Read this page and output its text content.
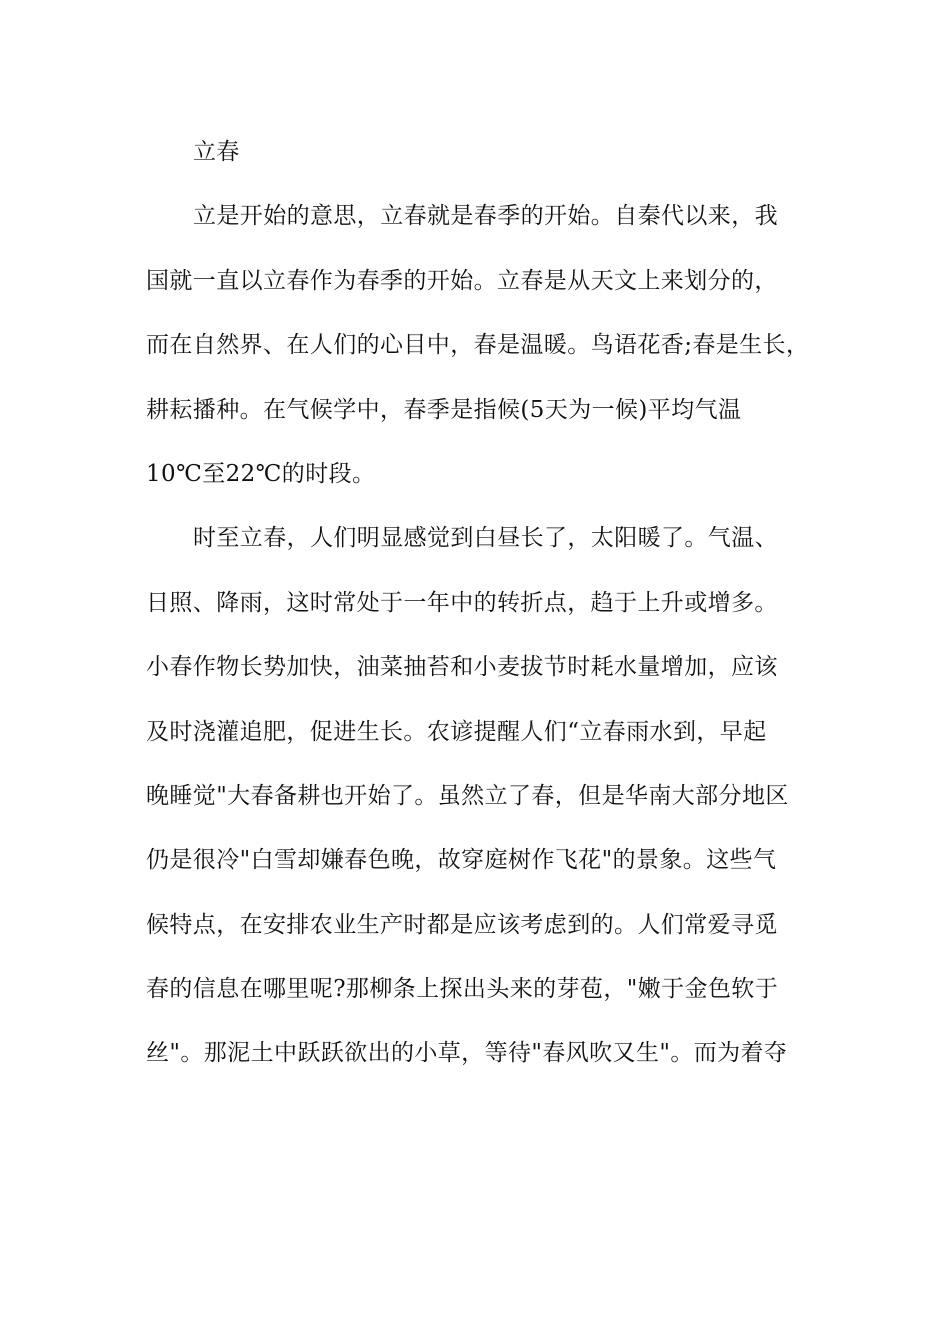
立春
立是开始的意思，立春就是春季的开始。自秦代以来，我
国就一直以立春作为春季的开始。立春是从天文上来划分的，
而在自然界、在人们的心目中，春是温暖。鸟语花香;春是生长，
耕耘播种。在气候学中，春季是指候(5天为一候)平均气温
10℃至22℃的时段。
时至立春，人们明显感觉到白昼长了，太阳暖了。气温、
日照、降雨，这时常处于一年中的转折点，趋于上升或增多。
小春作物长势加快，油菜抽苔和小麦拔节时耗水量增加，应该
及时浇灌追肥，促进生长。农谚提醒人们“立春雨水到，早起
晚睡觉"大春备耕也开始了。虽然立了春，但是华南大部分地区
仍是很冷"白雪却嫌春色晚，故穿庭树作飞花"的景象。这些气
候特点，在安排农业生产时都是应该考虑到的。人们常爱寻觅
春的信息在哪里呢?那柳条上探出头来的芽苞，"嫩于金色软于
丝"。那泥土中跃跃欲出的小草，等待"春风吹又生"。而为着夺
